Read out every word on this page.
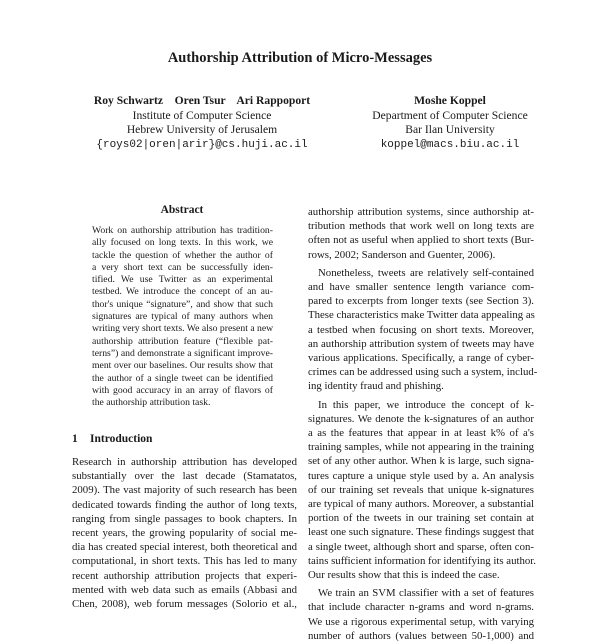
Authorship Attribution of Micro-Messages
Roy Schwartz    Oren Tsur    Ari Rappoport
Institute of Computer Science
Hebrew University of Jerusalem
{roys02|oren|arir}@cs.huji.ac.il
Moshe Koppel
Department of Computer Science
Bar Ilan University
koppel@macs.biu.ac.il
Abstract
Work on authorship attribution has tradition-
ally focused on long texts. In this work, we
tackle the question of whether the author of
a very short text can be successfully iden-
tified. We use Twitter as an experimental
testbed. We introduce the concept of an au-
thor's unique “signature”, and show that such
signatures are typical of many authors when
writing very short texts. We also present a new
authorship attribution feature (“flexible pat-
terns”) and demonstrate a significant improve-
ment over our baselines. Our results show that
the author of a single tweet can be identified
with good accuracy in an array of flavors of
the authorship attribution task.
1 Introduction
Research in authorship attribution has developed
substantially over the last decade (Stamatatos,
2009). The vast majority of such research has been
dedicated towards finding the author of long texts,
ranging from single passages to book chapters. In
recent years, the growing popularity of social me-
dia has created special interest, both theoretical and
computational, in short texts. This has led to many
recent authorship attribution projects that experi-
mented with web data such as emails (Abbasi and
Chen, 2008), web forum messages (Solorio et al.,
authorship attribution systems, since authorship at-
tribution methods that work well on long texts are
often not as useful when applied to short texts (Bur-
rows, 2002; Sanderson and Guenter, 2006).
Nonetheless, tweets are relatively self-contained
and have smaller sentence length variance com-
pared to excerpts from longer texts (see Section 3).
These characteristics make Twitter data appealing as
a testbed when focusing on short texts. Moreover,
an authorship attribution system of tweets may have
various applications. Specifically, a range of cyber-
crimes can be addressed using such a system, includ-
ing identity fraud and phishing.
In this paper, we introduce the concept of k-
signatures. We denote the k-signatures of an author
a as the features that appear in at least k% of a's
training samples, while not appearing in the training
set of any other author. When k is large, such signa-
tures capture a unique style used by a. An analysis
of our training set reveals that unique k-signatures
are typical of many authors. Moreover, a substantial
portion of the tweets in our training set contain at
least one such signature. These findings suggest that
a single tweet, although short and sparse, often con-
tains sufficient information for identifying its author.
Our results show that this is indeed the case.
We train an SVM classifier with a set of features
that include character n-grams and word n-grams.
We use a rigorous experimental setup, with varying
number of authors (values between 50-1,000) and
